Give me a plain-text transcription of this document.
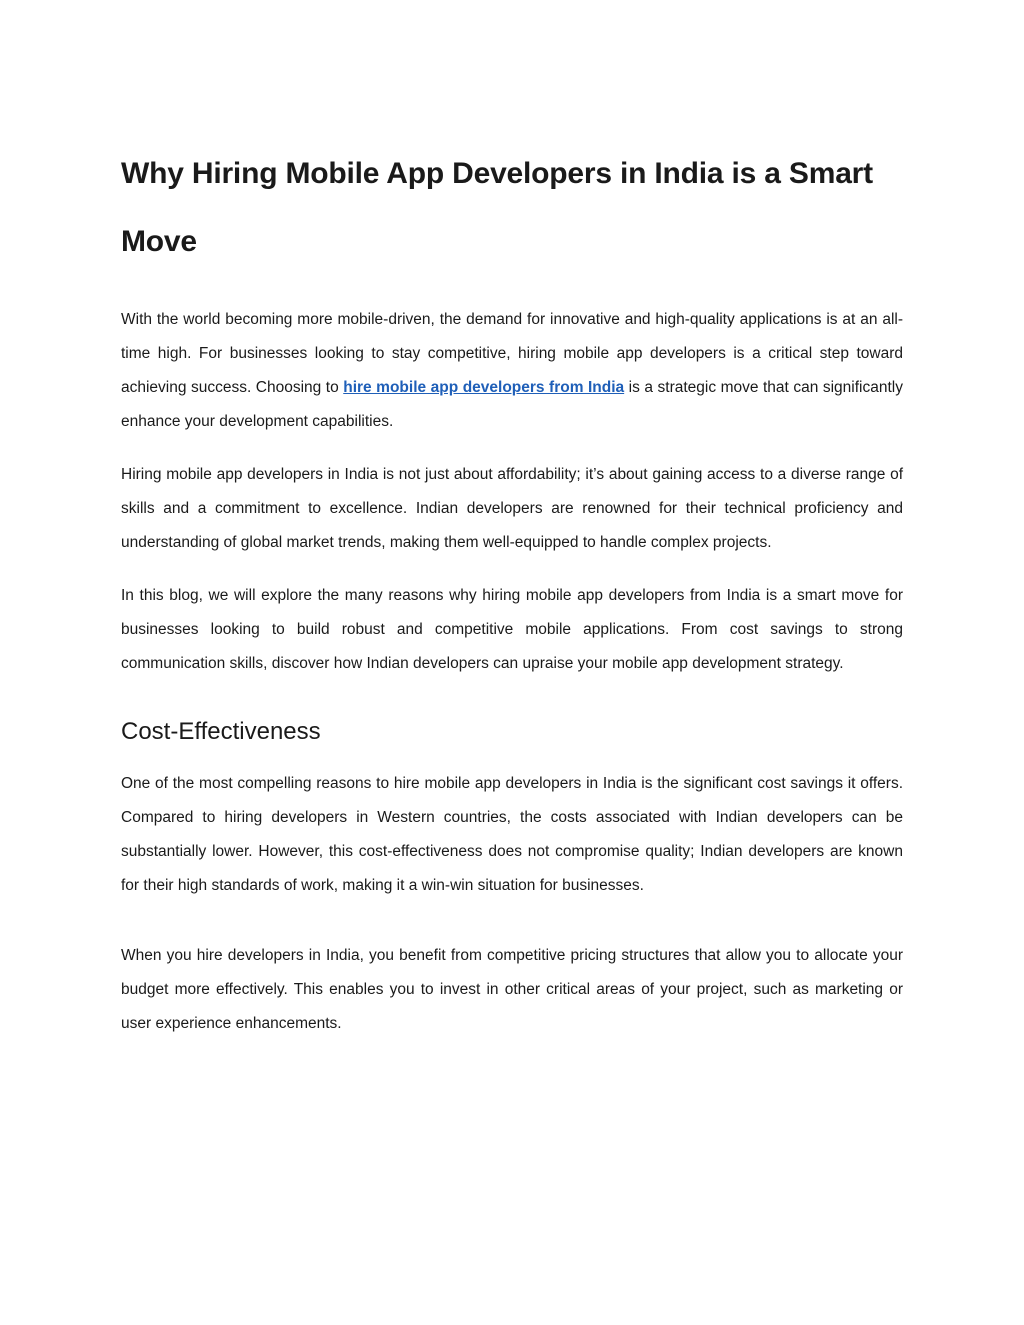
Why Hiring Mobile App Developers in India is a Smart Move

With the world becoming more mobile-driven, the demand for innovative and high-quality applications is at an all-time high. For businesses looking to stay competitive, hiring mobile app developers is a critical step toward achieving success. Choosing to hire mobile app developers from India is a strategic move that can significantly enhance your development capabilities.

Hiring mobile app developers in India is not just about affordability; it’s about gaining access to a diverse range of skills and a commitment to excellence. Indian developers are renowned for their technical proficiency and understanding of global market trends, making them well-equipped to handle complex projects.

In this blog, we will explore the many reasons why hiring mobile app developers from India is a smart move for businesses looking to build robust and competitive mobile applications. From cost savings to strong communication skills, discover how Indian developers can upraise your mobile app development strategy.

Cost-Effectiveness

One of the most compelling reasons to hire mobile app developers in India is the significant cost savings it offers. Compared to hiring developers in Western countries, the costs associated with Indian developers can be substantially lower. However, this cost-effectiveness does not compromise quality; Indian developers are known for their high standards of work, making it a win-win situation for businesses.

When you hire developers in India, you benefit from competitive pricing structures that allow you to allocate your budget more effectively. This enables you to invest in other critical areas of your project, such as marketing or user experience enhancements.
